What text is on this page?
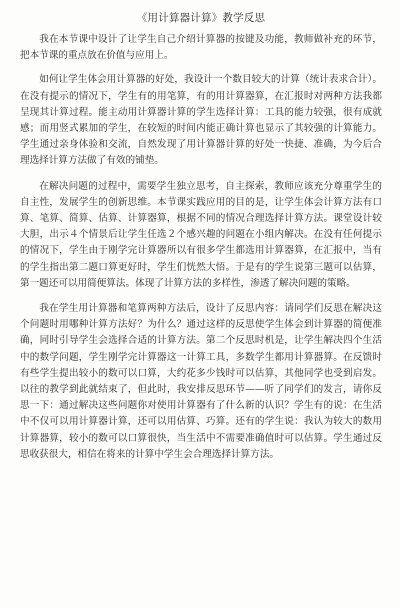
《用计算器计算》教学反思

我在本节课中设计了让学生自己介绍计算器的按键及功能，教师做补充的环节，把本节课的重点放在价值与应用上。

如何让学生体会用计算器的好处，我设计一个数目较大的计算（统计表求合计）。在没有提示的情况下，学生有的用笔算，有的用计算器算，在汇报时对两种方法我都呈现其计算过程。能主动用计算器计算的学生选择计算：工具的能力较强，很有成就感；而用竖式累加的学生，在较短的时间内能正确计算也显示了其较强的计算能力。学生通过亲身体验和交流，自然发现了用计算器计算的好处一快捷、准确，为今后合理选择计算方法做了有效的铺垫。

在解决问题的过程中，需要学生独立思考，自主探索，教师应该充分尊重学生的自主性，发展学生的创新思维。本节课实践应用的目的是，让学生体会计算方法有口算、笔算、简算、估算、计算器算，根据不同的情况合理选择计算方法。课堂设计较大胆，出示４个情景后让学生任选２个感兴趣的问题在小组内解决。在没有任何提示的情况下，学生由于刚学完计算器所以有很多学生都选用计算器算，在汇报中，当有的学生指出第二题口算更好时，学生们恍然大悟。于是有的学生说第三题可以估算，第一题还可以用简便算法。体现了计算方法的多样性，渗透了解决问题的策略。

我在学生用计算器和笔算两种方法后，设计了反思内容：请同学们反思在解决这个问题时用哪种计算方法好？为什么？通过这样的反思使学生体会到计算器的简便准确，同时引导学生会选择合适的计算方法。第二个反思时机是，让学生解决四个生活中的数学问题，学生刚学完计算器这一计算工具，多数学生都用计算器算。在反馈时有些学生提出较小的数可以口算，大约花多少钱时可以估算，其他同学也受到启发。以往的教学到此就结束了，但此时，我安排反思环节——听了同学们的发言，请你反思一下：通过解决这些问题你对使用计算器有了什么新的认识？学生有的说：在生活中不仅可以用计算器计算，还可以用估算、巧算。还有的学生说：我认为较大的数用计算器算，较小的数可以口算很快，当生活中不需要准确值时可以估算。学生通过反思收获很大，相信在将来的计算中学生会合理选择计算方法。
